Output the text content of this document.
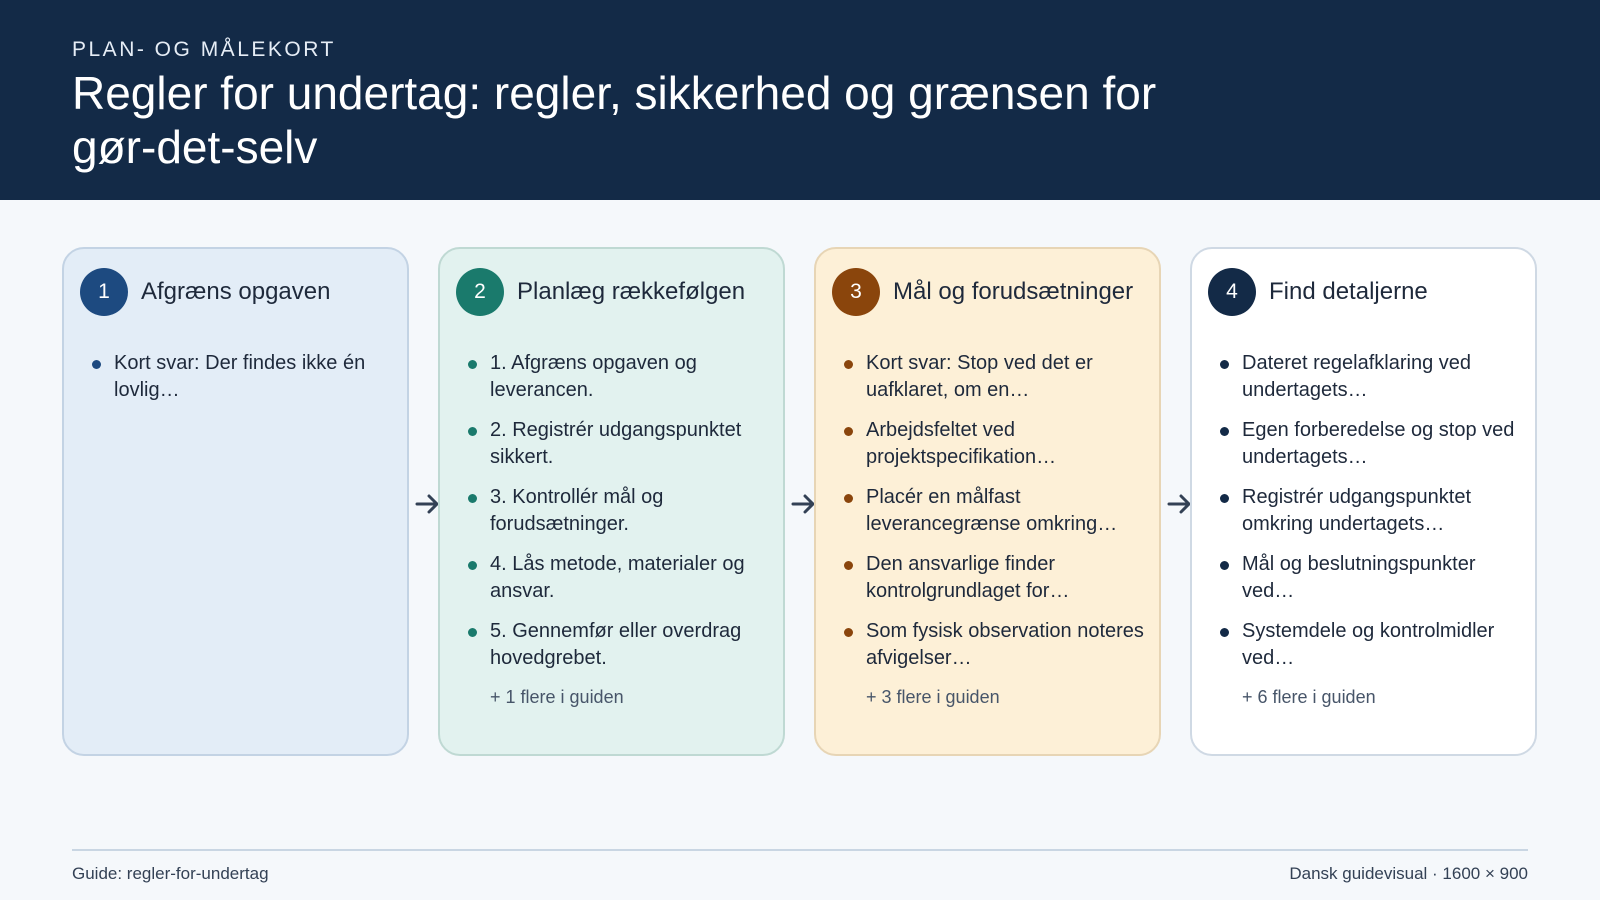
PLAN- OG MÅLEKORT
Regler for undertag: regler, sikkerhed og grænsen for gør-det-selv
1	Afgræns opgaven
Kort svar: Der findes ikke én lovlig…
2	Planlæg rækkefølgen
1. Afgræns opgaven og leverancen.
2. Registrér udgangspunktet sikkert.
3. Kontrollér mål og forudsætninger.
4. Lås metode, materialer og ansvar.
5. Gennemfør eller overdrag hovedgrebet.
+ 1 flere i guiden
3	Mål og forudsætninger
Kort svar: Stop ved det er uafklaret, om en…
Arbejdsfeltet ved projektspecifikation…
Placér en målfast leverancegrænse omkring…
Den ansvarlige finder kontrolgrundlaget for…
Som fysisk observation noteres afvigelser…
+ 3 flere i guiden
4	Find detaljerne
Dateret regelafklaring ved undertagets…
Egen forberedelse og stop ved undertagets…
Registrér udgangspunktet omkring undertagets…
Mål og beslutningspunkter ved…
Systemdele og kontrolmidler ved…
+ 6 flere i guiden
Guide: regler-for-undertag	Dansk guidevisual · 1600 × 900
